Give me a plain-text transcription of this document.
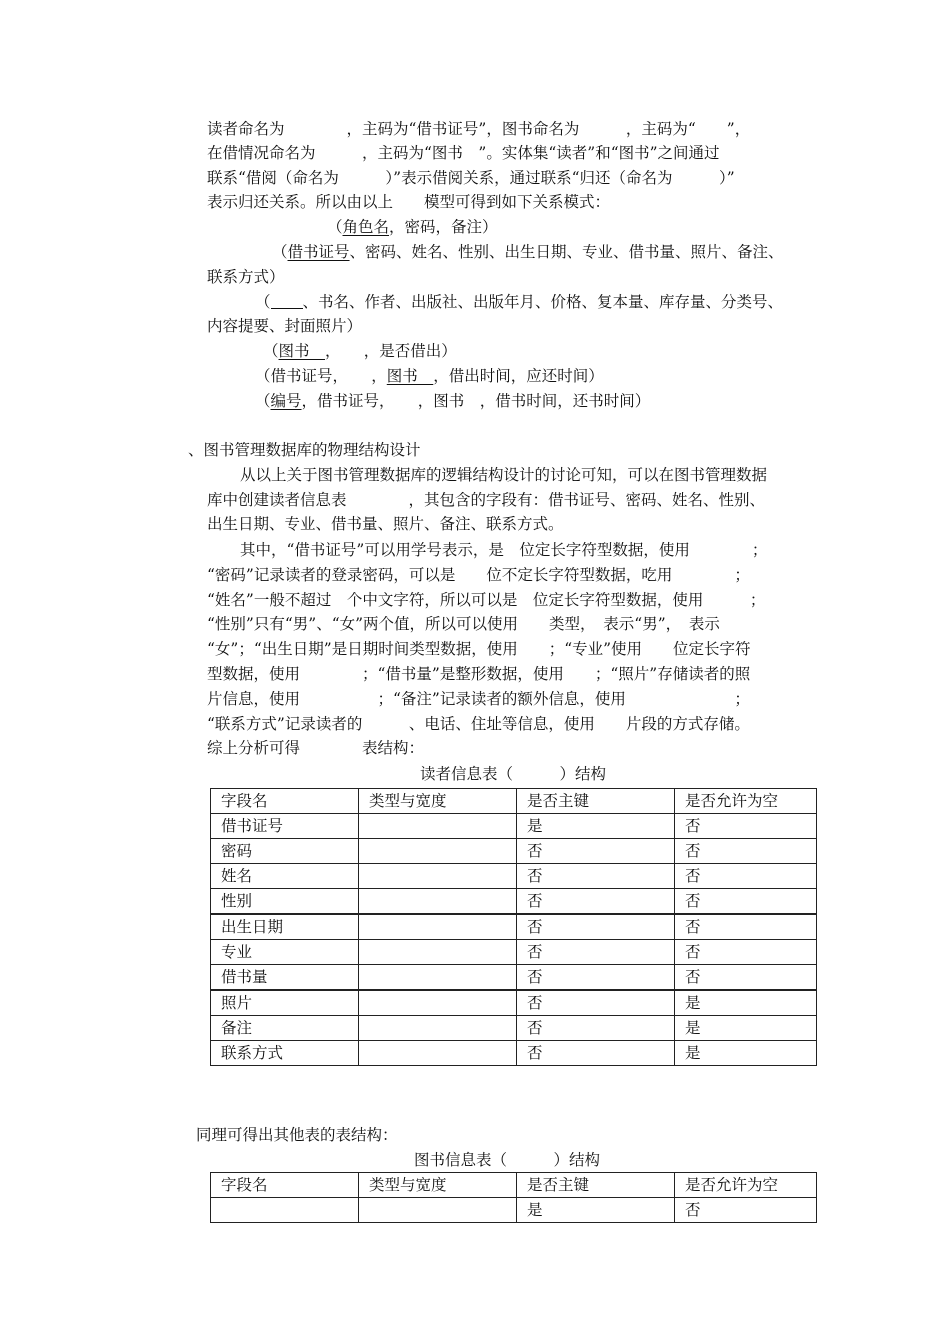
读者命名为　　　　，主码为“借书证号”，图书命名为　　　，主码为“　　”，
在借情况命名为　　　，主码为“图书　”。实体集“读者”和“图书”之间通过
联系“借阅（命名为　　　）”表示借阅关系，通过联系“归还（命名为　　　）”
表示归还关系。所以由以上　　模型可得到如下关系模式：
（角色名，密码，备注）
（借书证号、密码、姓名、性别、出生日期、专业、借书量、照片、备注、
联系方式）
（ 、书名、作者、出版社、出版年月、价格、复本量、库存量、分类号、
内容提要、封面照片）
（图书　，　　，是否借出）
（借书证号，　　，图书　，借出时间，应还时间）
（编号，借书证号，　　，图书　，借书时间，还书时间）
、图书管理数据库的物理结构设计
从以上关于图书管理数据库的逻辑结构设计的讨论可知，可以在图书管理数据
库中创建读者信息表　　　　，其包含的字段有：借书证号、密码、姓名、性别、
出生日期、专业、借书量、照片、备注、联系方式。
其中，“借书证号”可以用学号表示，是　位定长字符型数据，使用　　　　；
“密码”记录读者的登录密码，可以是　　位不定长字符型数据，吃用　　　　；
“姓名”一般不超过　个中文字符，所以可以是　位定长字符型数据，使用　　　；
“性别”只有“男”、“女”两个值，所以可以使用　　类型，　表示“男”，　表示
“女”；“出生日期”是日期时间类型数据，使用　　；“专业”使用　　位定长字符
型数据，使用　　　　；“借书量”是整形数据，使用　　；“照片”存储读者的照
片信息，使用　　　　　；“备注”记录读者的额外信息，使用　　　　　　　；
“联系方式”记录读者的　　　、电话、住址等信息，使用　　片段的方式存储。
综上分析可得　　　　表结构：
读者信息表（　　　）结构
字段名	类型与宽度	是否主键	是否允许为空
借书证号		是	否
密码		否	否
姓名		否	否
性别		否	否
出生日期		否	否
专业		否	否
借书量		否	否
照片		否	是
备注		否	是
联系方式		否	是
同理可得出其他表的表结构：
图书信息表（　　　）结构
字段名	类型与宽度	是否主键	是否允许为空
		是	否
